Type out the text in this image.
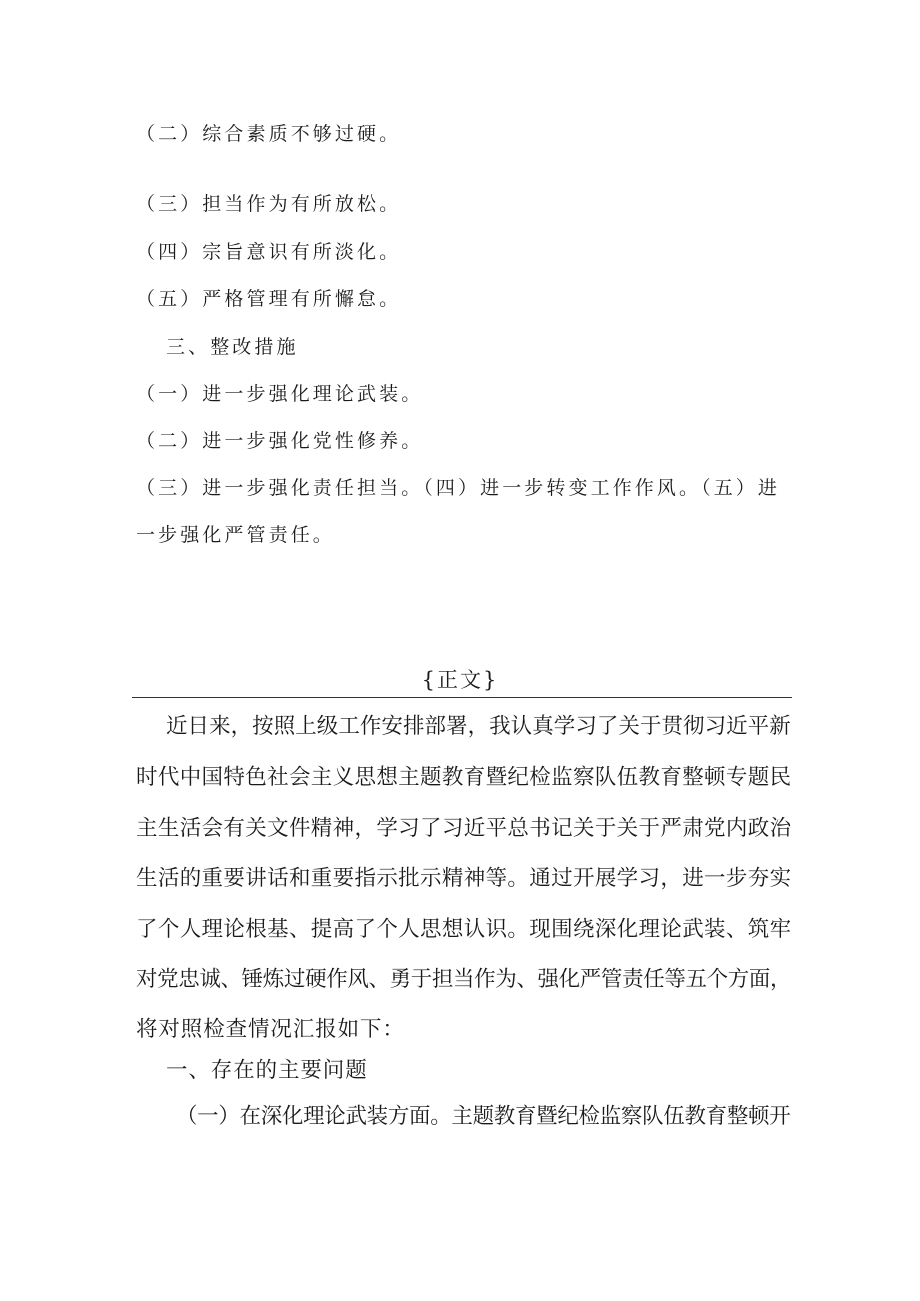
（二）综合素质不够过硬。
（三）担当作为有所放松。
（四）宗旨意识有所淡化。
（五）严格管理有所懈怠。
三、整改措施
（一）进一步强化理论武装。
（二）进一步强化党性修养。
（三）进一步强化责任担当。（四）进一步转变工作作风。（五）进
一步强化严管责任。
{正文}
近日来，按照上级工作安排部署，我认真学习了关于贯彻习近平新
时代中国特色社会主义思想主题教育暨纪检监察队伍教育整顿专题民
主生活会有关文件精神，学习了习近平总书记关于关于严肃党内政治
生活的重要讲话和重要指示批示精神等。通过开展学习，进一步夯实
了个人理论根基、提高了个人思想认识。现围绕深化理论武装、筑牢
对党忠诚、锤炼过硬作风、勇于担当作为、强化严管责任等五个方面，
将对照检查情况汇报如下：
一、存在的主要问题
（一）在深化理论武装方面。主题教育暨纪检监察队伍教育整顿开
